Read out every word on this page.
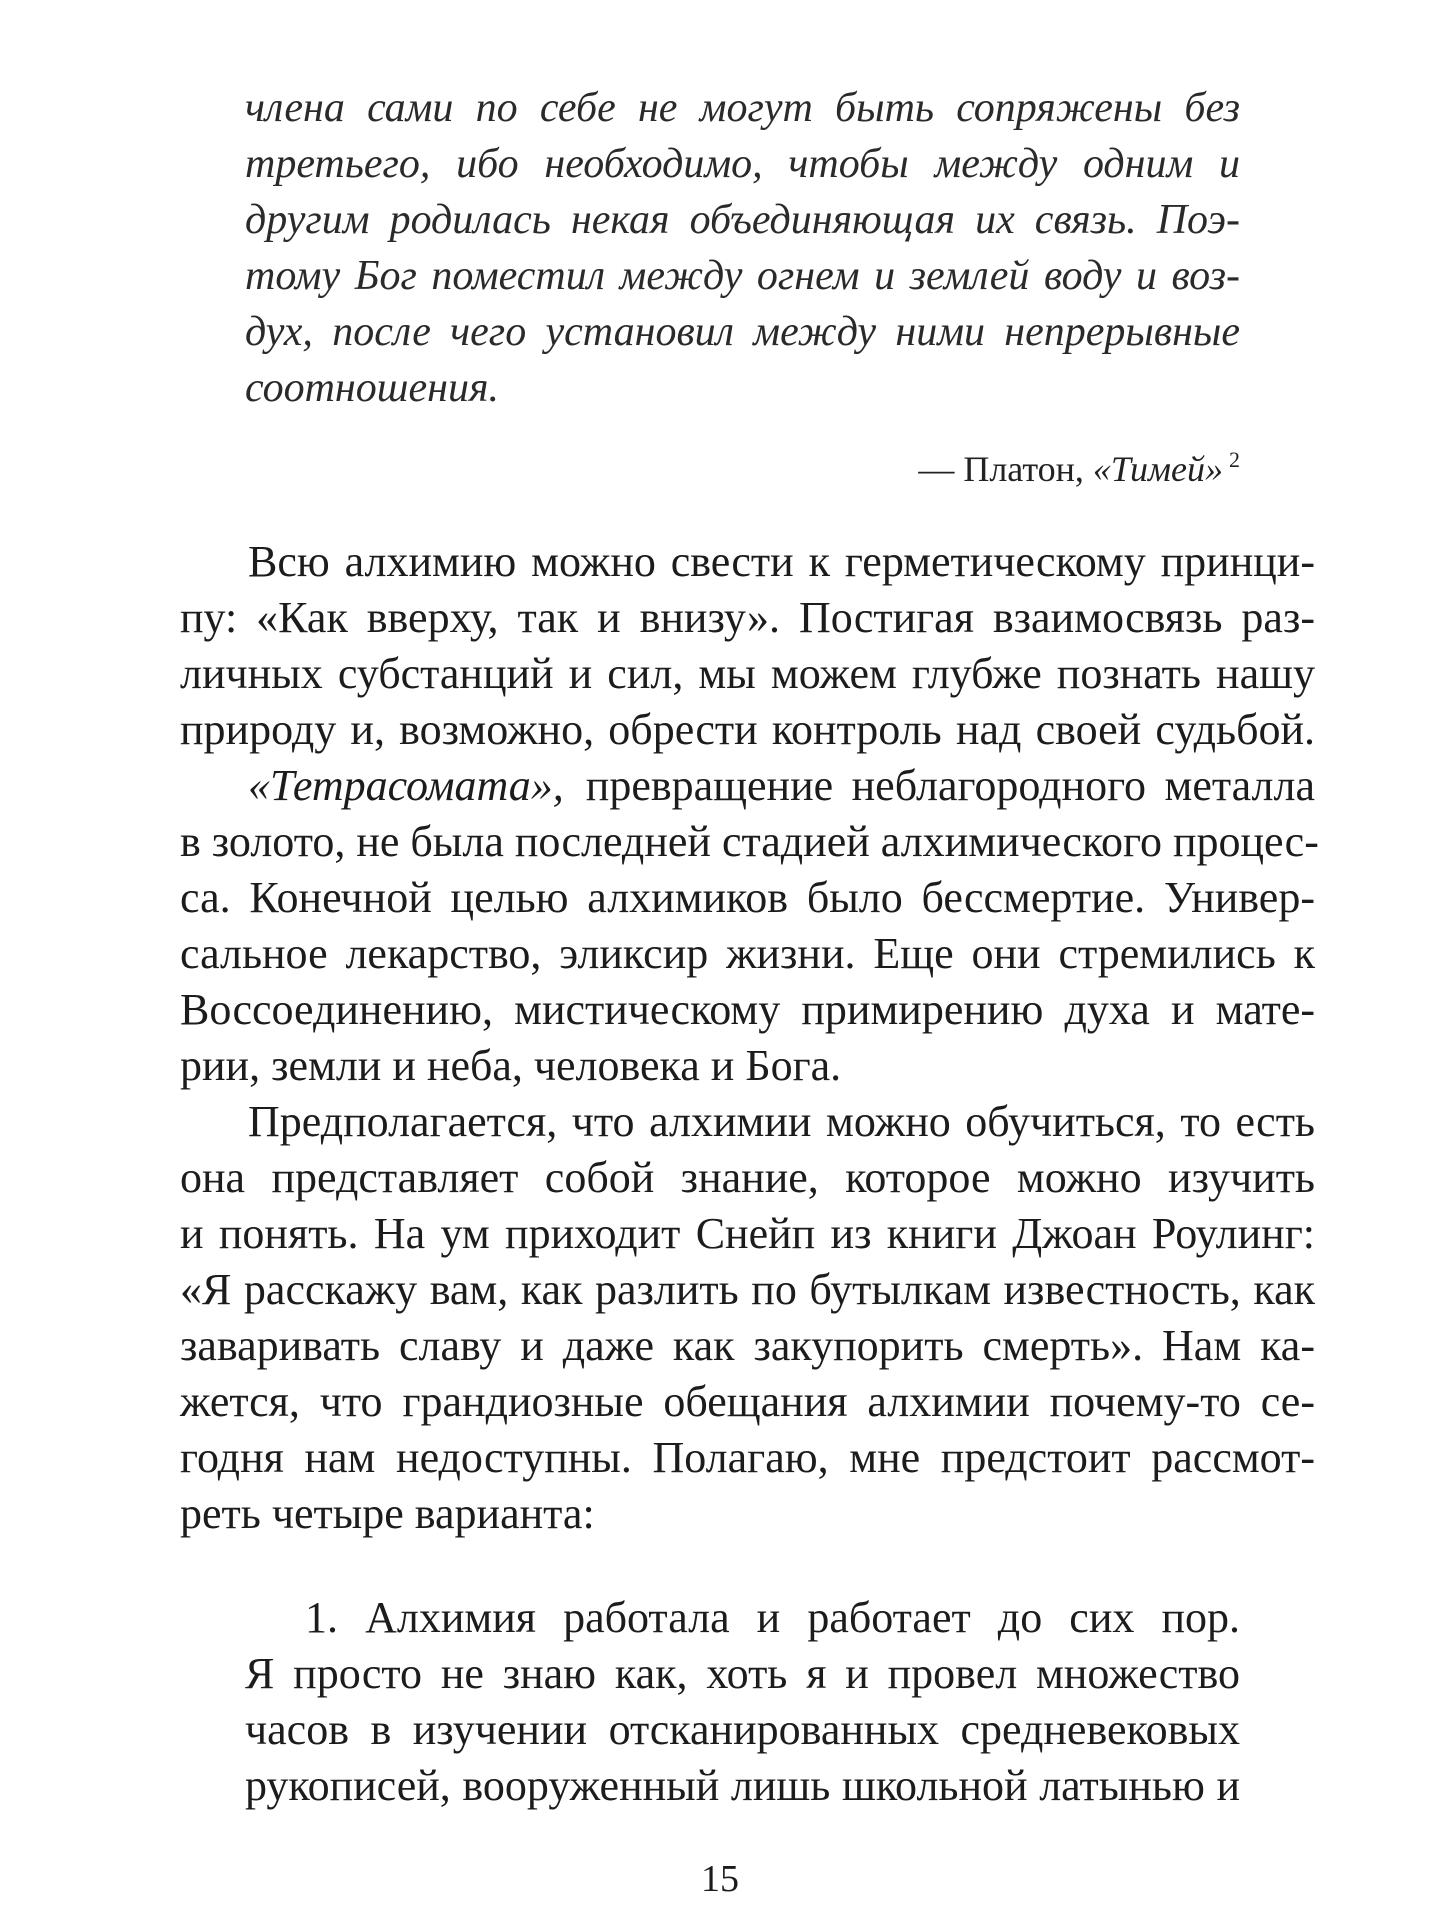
члена сами по себе не могут быть сопряжены без
третьего, ибо необходимо, чтобы между одним и
другим родилась некая объединяющая их связь. Поэ-
тому Бог поместил между огнем и землей воду и воз-
дух, после чего установил между ними непрерывные
соотношения.
— Платон, «Тимей» $^2$
Всю алхимию можно свести к герметическому принци-
пу: «Как вверху, так и внизу». Постигая взаимосвязь раз-
личных субстанций и сил, мы можем глубже познать нашу
природу и, возможно, обрести контроль над своей судьбой.
«Тетрасомата», превращение неблагородного металла
в золото, не была последней стадией алхимического процес-
са. Конечной целью алхимиков было бессмертие. Универ-
сальное лекарство, эликсир жизни. Еще они стремились к
Воссоединению, мистическому примирению духа и мате-
рии, земли и неба, человека и Бога.
Предполагается, что алхимии можно обучиться, то есть
она представляет собой знание, которое можно изучить
и понять. На ум приходит Снейп из книги Джоан Роулинг:
«Я расскажу вам, как разлить по бутылкам известность, как
заваривать славу и даже как закупорить смерть». Нам ка-
жется, что грандиозные обещания алхимии почему-то се-
годня нам недоступны. Полагаю, мне предстоит рассмот-
реть четыре варианта:
1. Алхимия работала и работает до сих пор.
Я просто не знаю как, хоть я и провел множество
часов в изучении отсканированных средневековых
рукописей, вооруженный лишь школьной латынью и
15
